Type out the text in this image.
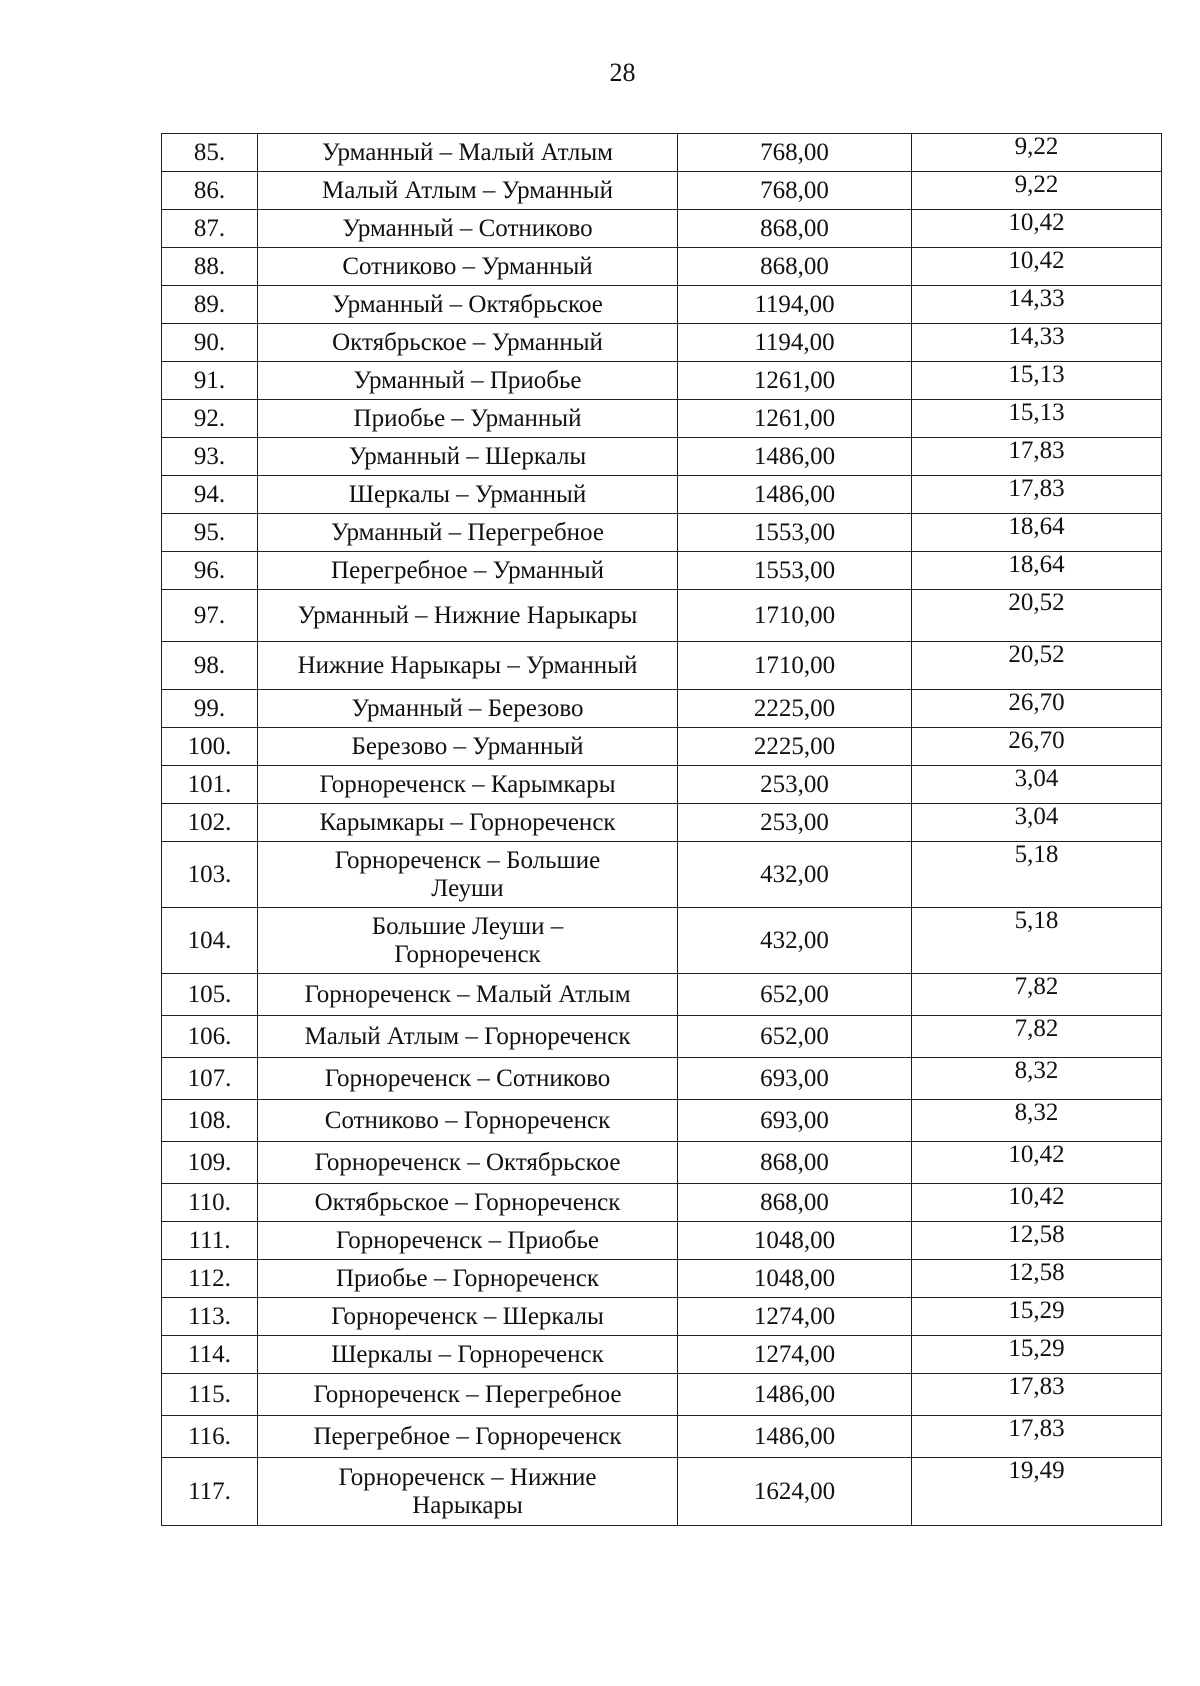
28
85.	Урманный – Малый Атлым	768,00	9,22
86.	Малый Атлым – Урманный	768,00	9,22
87.	Урманный – Сотниково	868,00	10,42
88.	Сотниково – Урманный	868,00	10,42
89.	Урманный – Октябрьское	1194,00	14,33
90.	Октябрьское – Урманный	1194,00	14,33
91.	Урманный – Приобье	1261,00	15,13
92.	Приобье – Урманный	1261,00	15,13
93.	Урманный – Шеркалы	1486,00	17,83
94.	Шеркалы – Урманный	1486,00	17,83
95.	Урманный – Перегребное	1553,00	18,64
96.	Перегребное – Урманный	1553,00	18,64
97.	Урманный – Нижние Нарыкары	1710,00	20,52
98.	Нижние Нарыкары – Урманный	1710,00	20,52
99.	Урманный – Березово	2225,00	26,70
100.	Березово – Урманный	2225,00	26,70
101.	Горнореченск – Карымкары	253,00	3,04
102.	Карымкары – Горнореченск	253,00	3,04
103.	Горнореченск – Большие Леуши	432,00	5,18
104.	Большие Леуши – Горнореченск	432,00	5,18
105.	Горнореченск – Малый Атлым	652,00	7,82
106.	Малый Атлым – Горнореченск	652,00	7,82
107.	Горнореченск – Сотниково	693,00	8,32
108.	Сотниково – Горнореченск	693,00	8,32
109.	Горнореченск – Октябрьское	868,00	10,42
110.	Октябрьское – Горнореченск	868,00	10,42
111.	Горнореченск – Приобье	1048,00	12,58
112.	Приобье – Горнореченск	1048,00	12,58
113.	Горнореченск – Шеркалы	1274,00	15,29
114.	Шеркалы – Горнореченск	1274,00	15,29
115.	Горнореченск – Перегребное	1486,00	17,83
116.	Перегребное – Горнореченск	1486,00	17,83
117.	Горнореченск – Нижние Нарыкары	1624,00	19,49
